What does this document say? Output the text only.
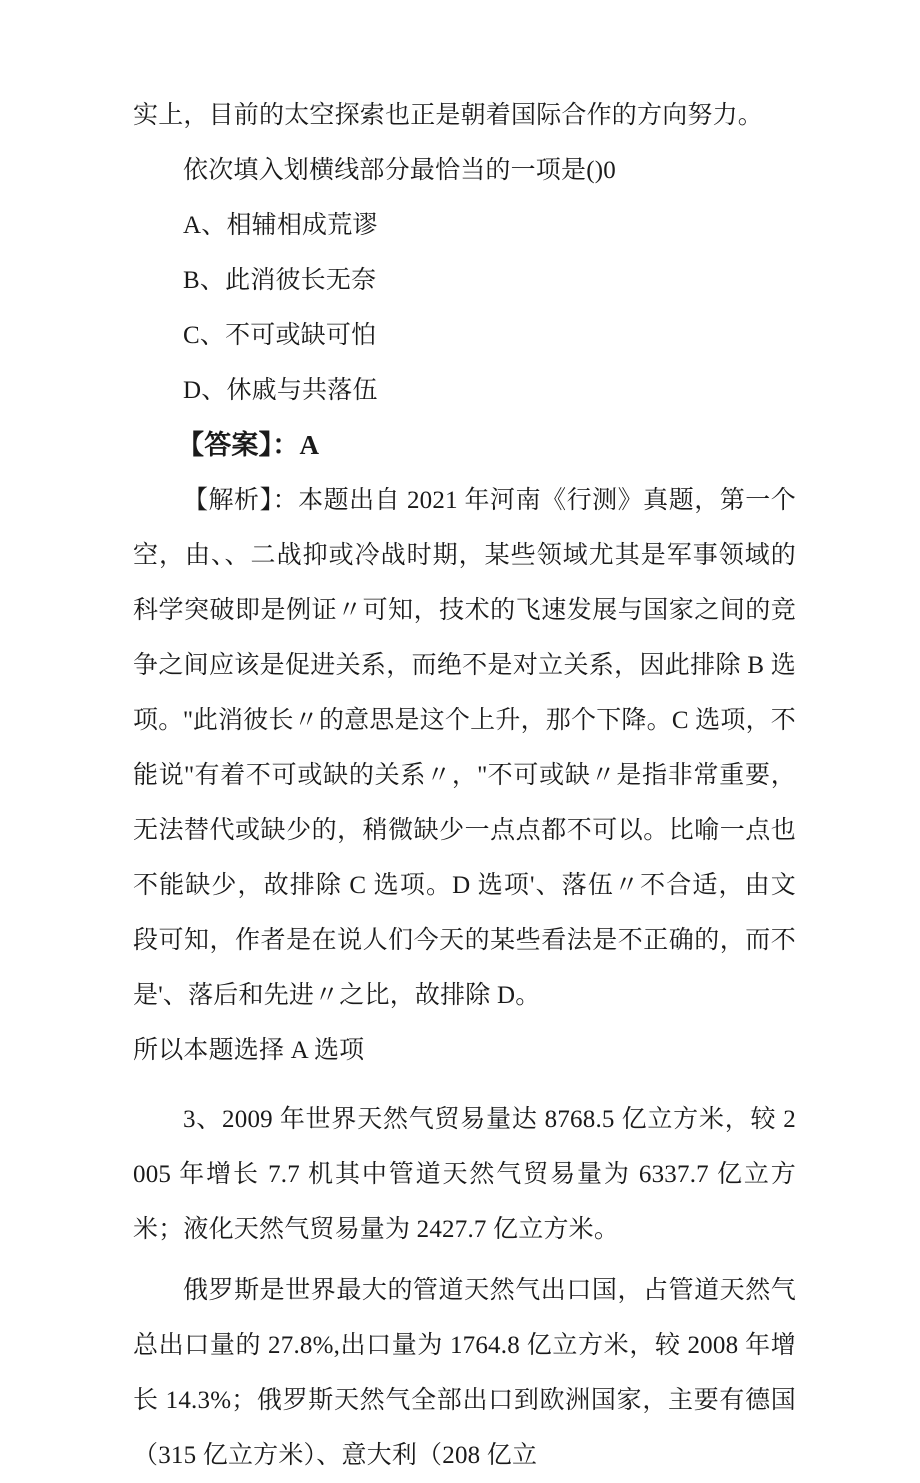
实上，目前的太空探索也正是朝着国际合作的方向努力。

依次填入划横线部分最恰当的一项是()0

A、相辅相成荒谬

B、此消彼长无奈

C、不可或缺可怕

D、休戚与共落伍

【答案】：A

【解析】：本题出自 2021 年河南《行测》真题，第一个空，由、、二战抑或冷战时期，某些领域尤其是军事领域的科学突破即是例证〃可知，技术的飞速发展与国家之间的竞争之间应该是促进关系，而绝不是对立关系，因此排除 B 选项。''此消彼长〃的意思是这个上升，那个下降。C 选项，不能说''有着不可或缺的关系〃，''不可或缺〃是指非常重要，无法替代或缺少的，稍微缺少一点点都不可以。比喻一点也不能缺少，故排除 C 选项。D 选项'、落伍〃不合适，由文段可知，作者是在说人们今天的某些看法是不正确的，而不是'、落后和先进〃之比，故排除 D。

所以本题选择 A 选项

3、2009 年世界天然气贸易量达 8768.5 亿立方米，较 2005 年增长 7.7 机其中管道天然气贸易量为 6337.7 亿立方米；液化天然气贸易量为 2427.7 亿立方米。

俄罗斯是世界最大的管道天然气出口国，占管道天然气总出口量的 27.8%,出口量为 1764.8 亿立方米，较 2008 年增长 14.3%；俄罗斯天然气全部出口到欧洲国家，主要有德国（315 亿立方米）、意大利（208 亿立
